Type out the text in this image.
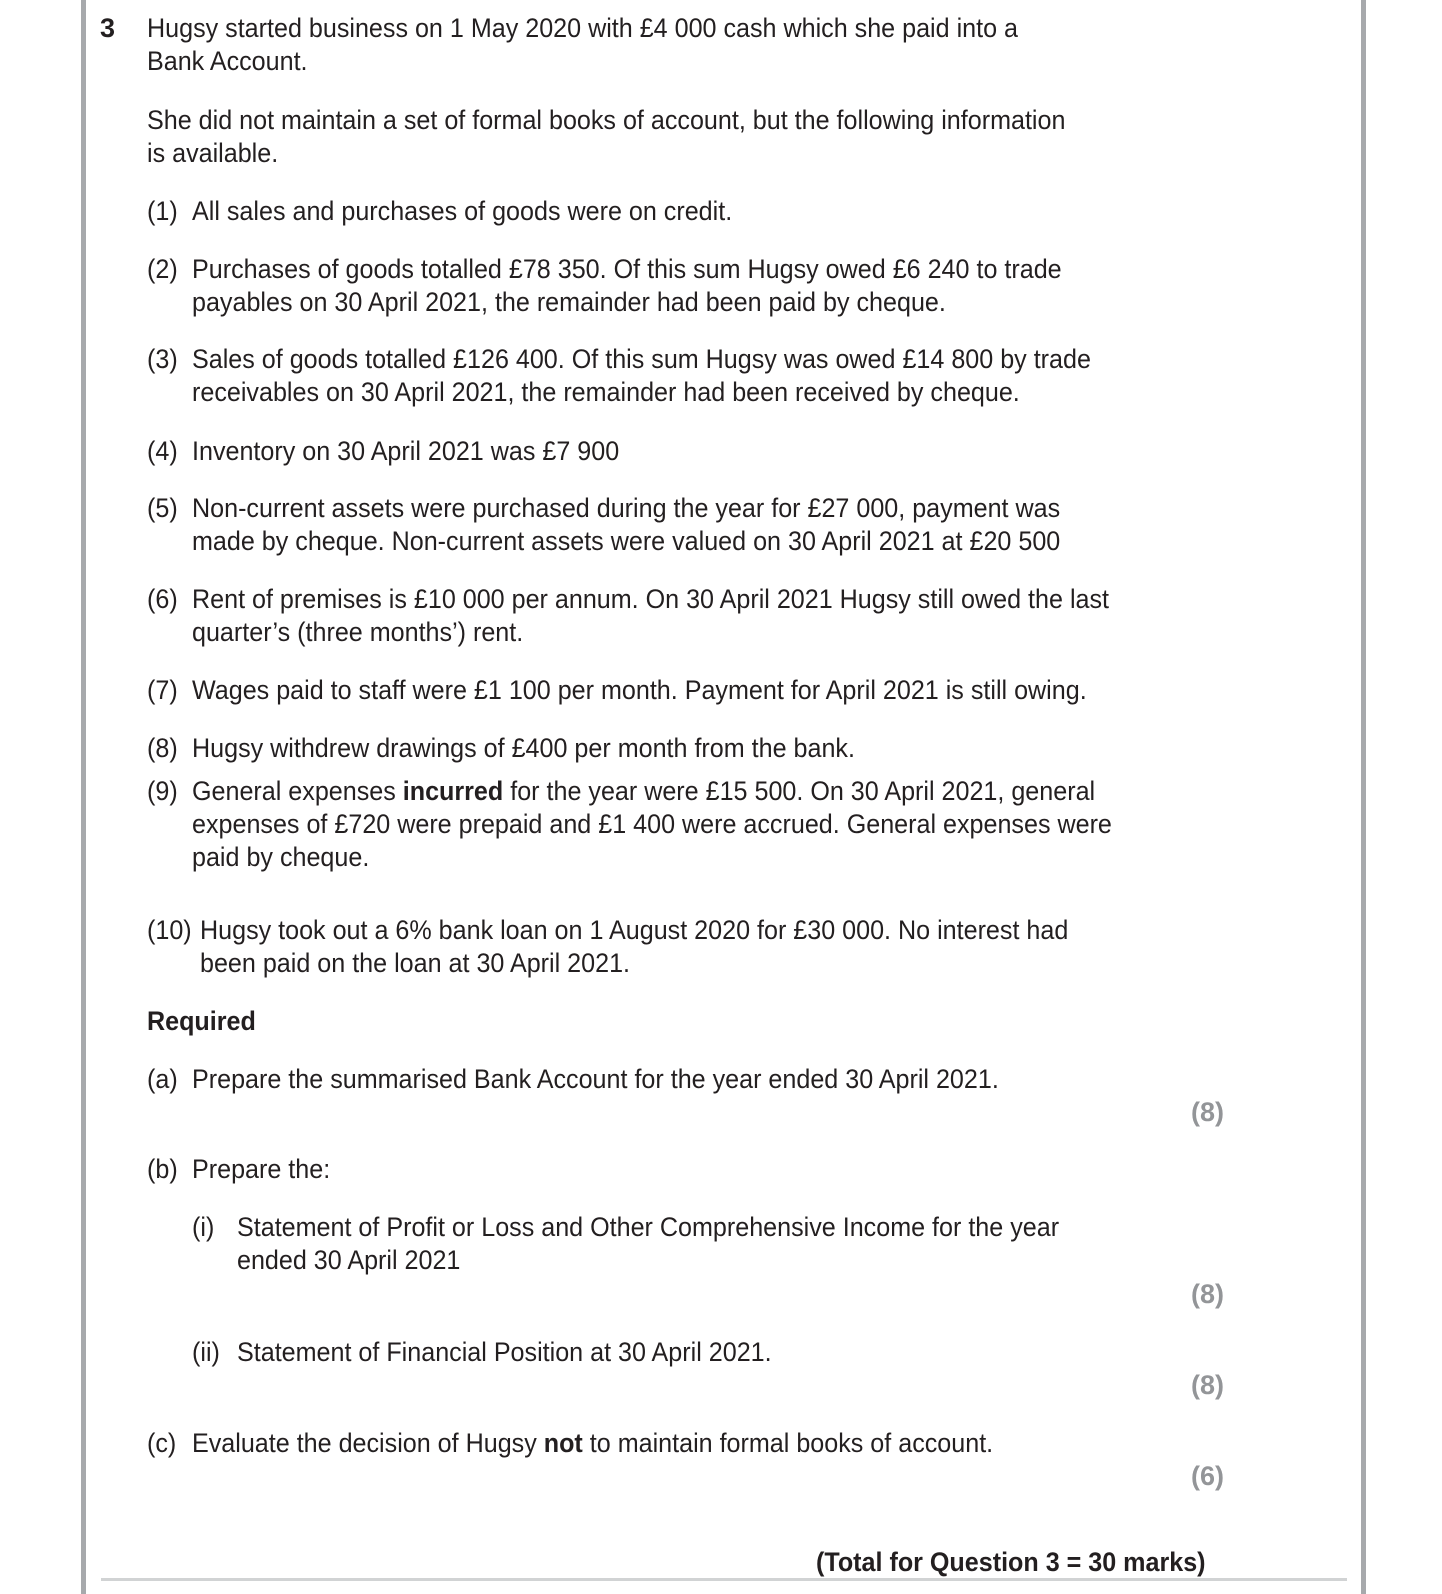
3 Hugsy started business on 1 May 2020 with £4 000 cash which she paid into a
Bank Account.
She did not maintain a set of formal books of account, but the following information
is available.
(1) All sales and purchases of goods were on credit.
(2) Purchases of goods totalled £78 350. Of this sum Hugsy owed £6 240 to trade
payables on 30 April 2021, the remainder had been paid by cheque.
(3) Sales of goods totalled £126 400. Of this sum Hugsy was owed £14 800 by trade
receivables on 30 April 2021, the remainder had been received by cheque.
(4) Inventory on 30 April 2021 was £7 900
(5) Non-current assets were purchased during the year for £27 000, payment was
made by cheque. Non-current assets were valued on 30 April 2021 at £20 500
(6) Rent of premises is £10 000 per annum. On 30 April 2021 Hugsy still owed the last
quarter’s (three months’) rent.
(7) Wages paid to staff were £1 100 per month. Payment for April 2021 is still owing.
(8) Hugsy withdrew drawings of £400 per month from the bank.
(9) General expenses incurred for the year were £15 500. On 30 April 2021, general
expenses of £720 were prepaid and £1 400 were accrued. General expenses were
paid by cheque.
(10) Hugsy took out a 6% bank loan on 1 August 2020 for £30 000. No interest had
been paid on the loan at 30 April 2021.
Required
(a) Prepare the summarised Bank Account for the year ended 30 April 2021.
(8)
(b) Prepare the:
(i) Statement of Profit or Loss and Other Comprehensive Income for the year
ended 30 April 2021
(8)
(ii) Statement of Financial Position at 30 April 2021.
(8)
(c) Evaluate the decision of Hugsy not to maintain formal books of account.
(6)
(Total for Question 3 = 30 marks)
